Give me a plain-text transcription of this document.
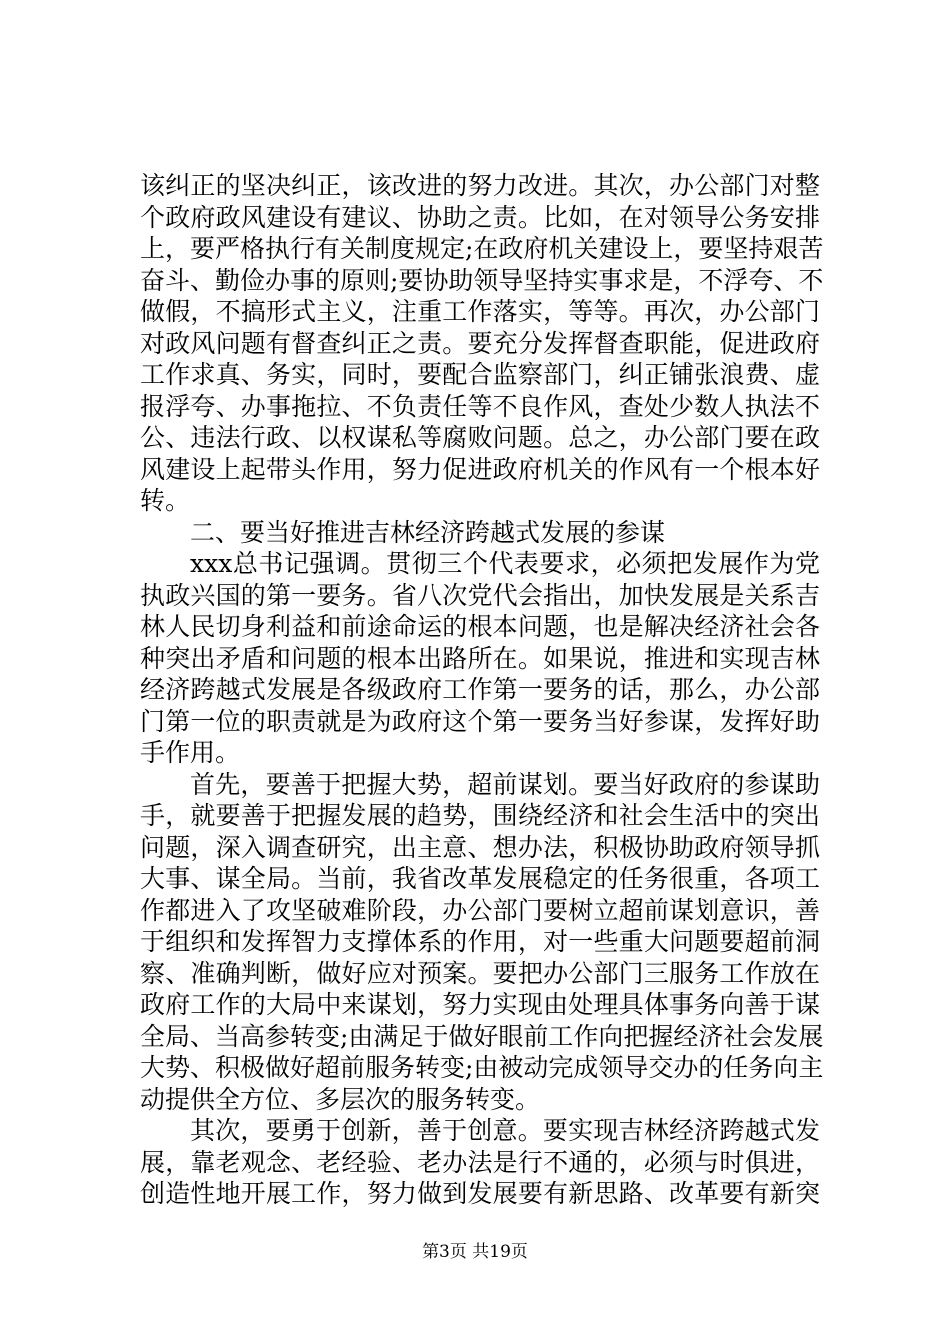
该纠正的坚决纠正，该改进的努力改进。其次，办公部门对整
个政府政风建设有建议、协助之责。比如，在对领导公务安排
上，要严格执行有关制度规定;在政府机关建设上，要坚持艰苦
奋斗、勤俭办事的原则;要协助领导坚持实事求是，不浮夸、不
做假，不搞形式主义，注重工作落实，等等。再次，办公部门
对政风问题有督查纠正之责。要充分发挥督查职能，促进政府
工作求真、务实，同时，要配合监察部门，纠正铺张浪费、虚
报浮夸、办事拖拉、不负责任等不良作风，查处少数人执法不
公、违法行政、以权谋私等腐败问题。总之，办公部门要在政
风建设上起带头作用，努力促进政府机关的作风有一个根本好
转。
二、要当好推进吉林经济跨越式发展的参谋
xxx总书记强调。贯彻三个代表要求，必须把发展作为党
执政兴国的第一要务。省八次党代会指出，加快发展是关系吉
林人民切身利益和前途命运的根本问题，也是解决经济社会各
种突出矛盾和问题的根本出路所在。如果说，推进和实现吉林
经济跨越式发展是各级政府工作第一要务的话，那么，办公部
门第一位的职责就是为政府这个第一要务当好参谋，发挥好助
手作用。
首先，要善于把握大势，超前谋划。要当好政府的参谋助
手，就要善于把握发展的趋势，围绕经济和社会生活中的突出
问题，深入调查研究，出主意、想办法，积极协助政府领导抓
大事、谋全局。当前，我省改革发展稳定的任务很重，各项工
作都进入了攻坚破难阶段，办公部门要树立超前谋划意识，善
于组织和发挥智力支撑体系的作用，对一些重大问题要超前洞
察、准确判断，做好应对预案。要把办公部门三服务工作放在
政府工作的大局中来谋划，努力实现由处理具体事务向善于谋
全局、当高参转变;由满足于做好眼前工作向把握经济社会发展
大势、积极做好超前服务转变;由被动完成领导交办的任务向主
动提供全方位、多层次的服务转变。
其次，要勇于创新，善于创意。要实现吉林经济跨越式发
展，靠老观念、老经验、老办法是行不通的，必须与时俱进，
创造性地开展工作，努力做到发展要有新思路、改革要有新突
第3页 共19页
